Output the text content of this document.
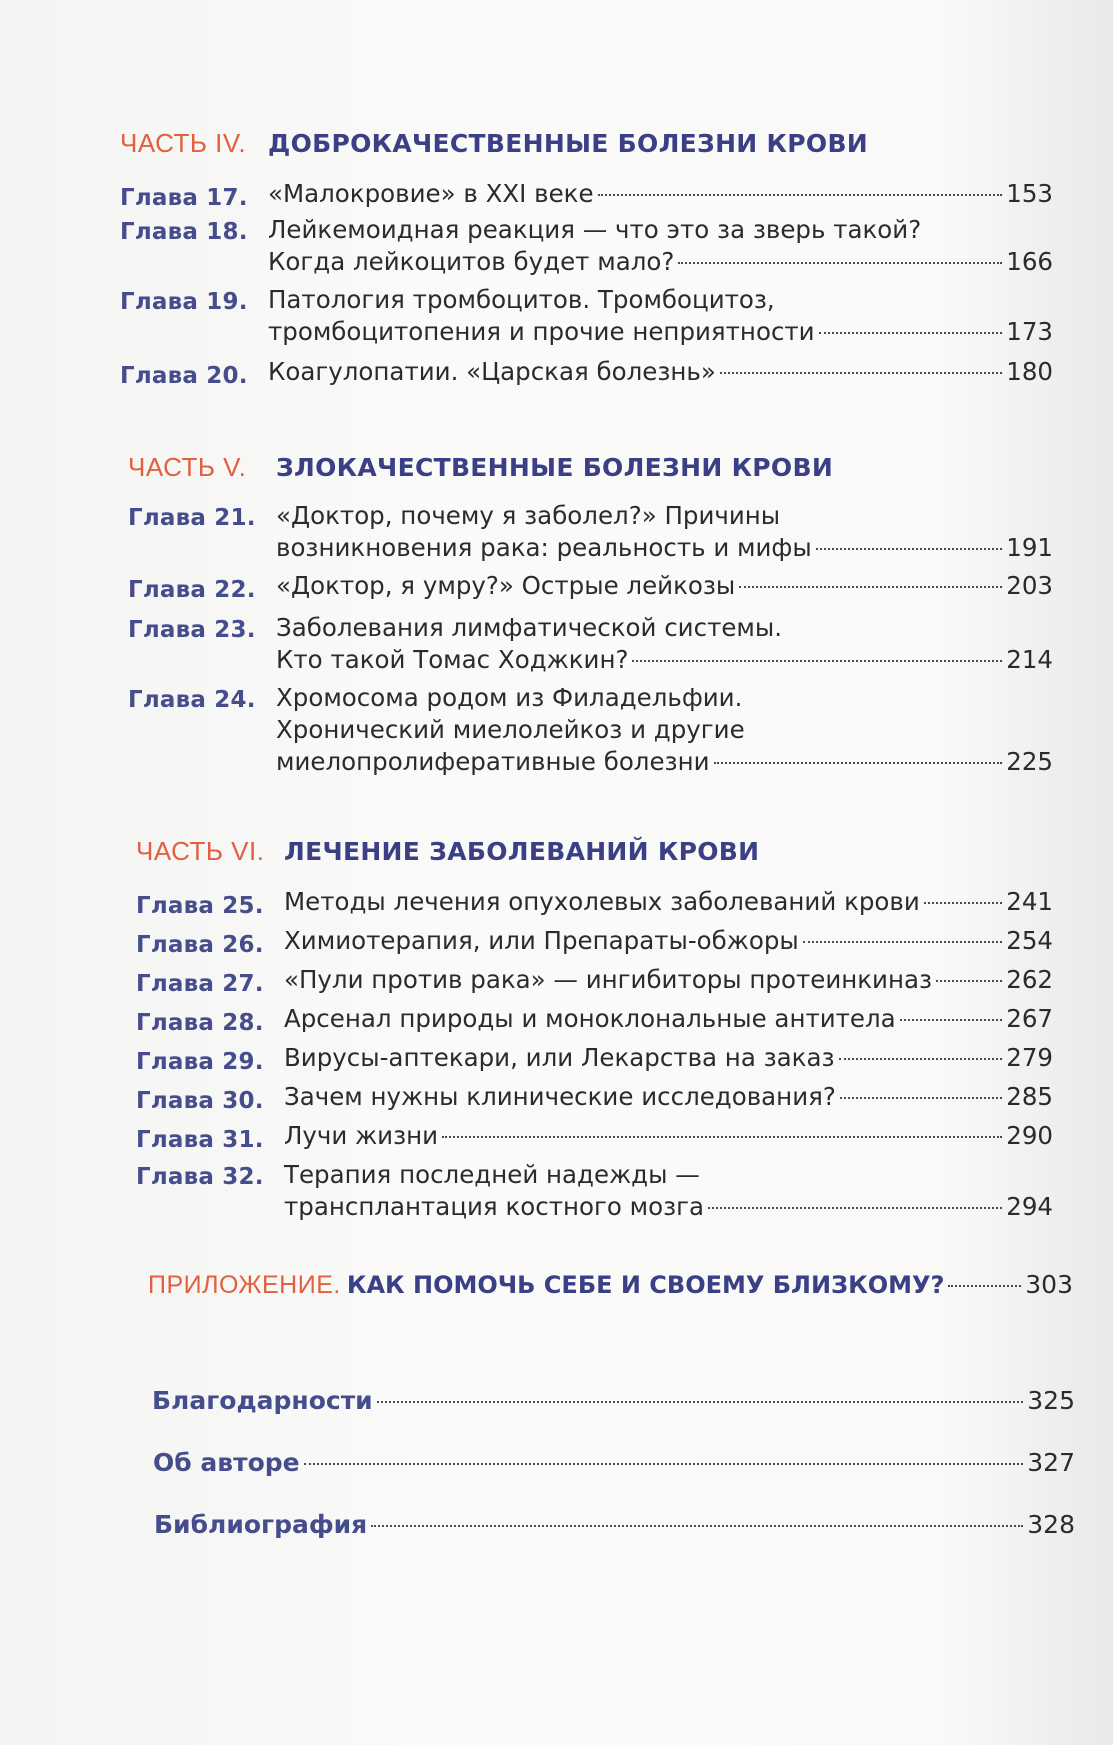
ЧАСТЬ IV. ДОБРОКАЧЕСТВЕННЫЕ БОЛЕЗНИ КРОВИ
Глава 17. «Малокровие» в XXI веке	153
Глава 18. Лейкемоидная реакция — что это за зверь такой?
Когда лейкоцитов будет мало?	166
Глава 19. Патология тромбоцитов. Тромбоцитоз,
тромбоцитопения и прочие неприятности	173
Глава 20. Коагулопатии. «Царская болезнь»	180
ЧАСТЬ V. ЗЛОКАЧЕСТВЕННЫЕ БОЛЕЗНИ КРОВИ
Глава 21. «Доктор, почему я заболел?» Причины
возникновения рака: реальность и мифы	191
Глава 22. «Доктор, я умру?» Острые лейкозы	203
Глава 23. Заболевания лимфатической системы.
Кто такой Томас Ходжкин?	214
Глава 24. Хромосома родом из Филадельфии.
Хронический миелолейкоз и другие
миелопролиферативные болезни	225
ЧАСТЬ VI. ЛЕЧЕНИЕ ЗАБОЛЕВАНИЙ КРОВИ
Глава 25. Методы лечения опухолевых заболеваний крови	241
Глава 26. Химиотерапия, или Препараты-обжоры	254
Глава 27. «Пули против рака» — ингибиторы протеинкиназ	262
Глава 28. Арсенал природы и моноклональные антитела	267
Глава 29. Вирусы-аптекари, или Лекарства на заказ	279
Глава 30. Зачем нужны клинические исследования?	285
Глава 31. Лучи жизни	290
Глава 32. Терапия последней надежды —
трансплантация костного мозга	294
ПРИЛОЖЕНИЕ. КАК ПОМОЧЬ СЕБЕ И СВОЕМУ БЛИЗКОМУ?	303
Благодарности	325
Об авторе	327
Библиография	328
